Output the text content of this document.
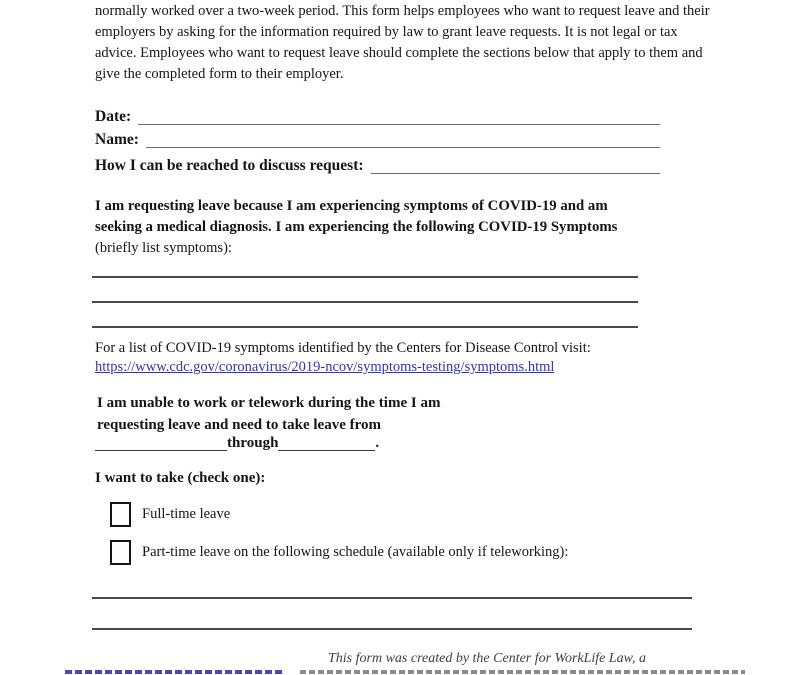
normally worked over a two-week period. This form helps employees who want to request leave and their
employers by asking for the information required by law to grant leave requests. It is not legal or tax
advice. Employees who want to request leave should complete the sections below that apply to them and
give the completed form to their employer.
Date:
Name:
How I can be reached to discuss request:
I am requesting leave because I am experiencing symptoms of COVID-19 and am
seeking a medical diagnosis. I am experiencing the following COVID-19 Symptoms
(briefly list symptoms):
For a list of COVID-19 symptoms identified by the Centers for Disease Control visit:
https://www.cdc.gov/coronavirus/2019-ncov/symptoms-testing/symptoms.html
I am unable to work or telework during the time I am
requesting leave and need to take leave from
through	.
I want to take (check one):
Full-time leave
Part-time leave on the following schedule (available only if teleworking):
This form was created by the Center for WorkLife Law, a
